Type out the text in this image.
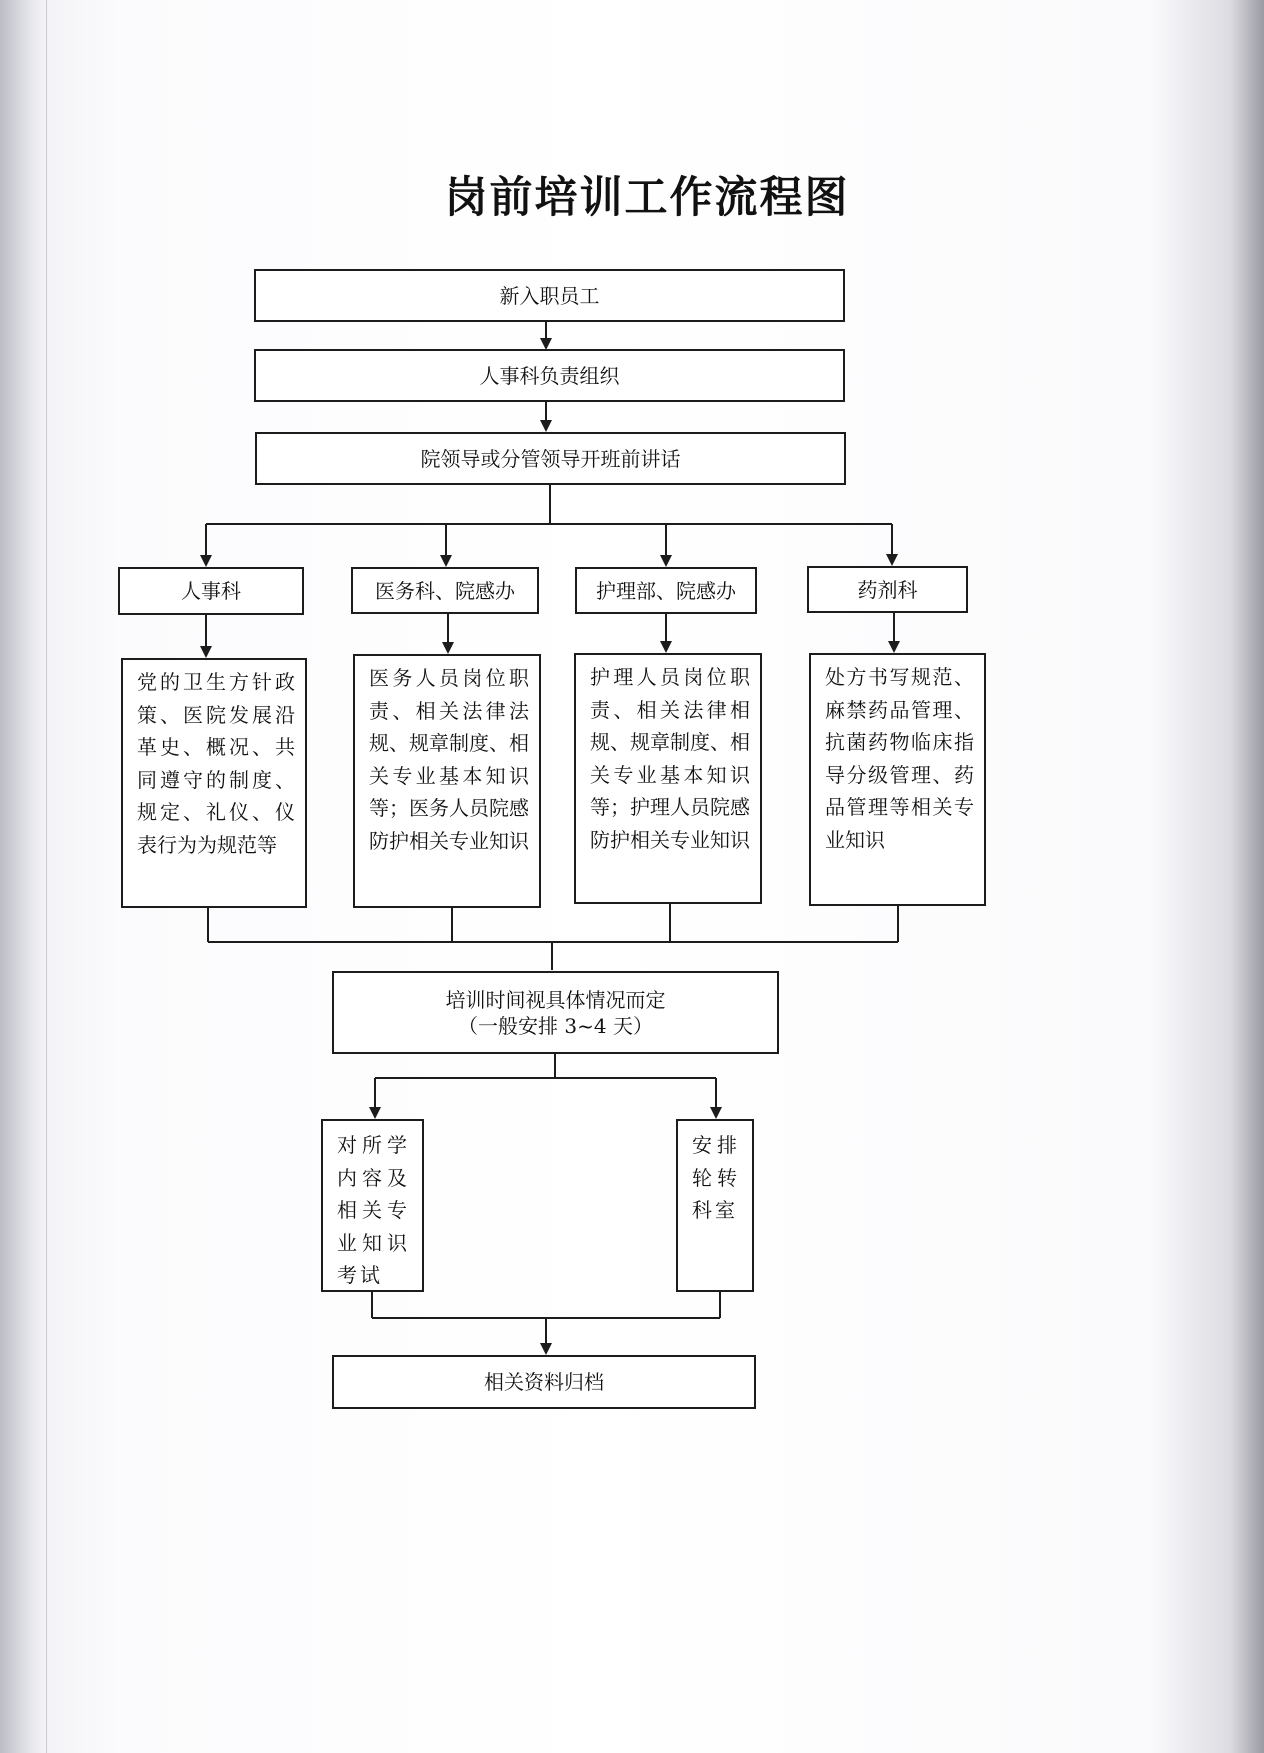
岗前培训工作流程图
新入职员工
人事科负责组织
院领导或分管领导开班前讲话
人事科	医务科、院感办	护理部、院感办	药剂科
党的卫生方针政策、医院发展沿革史、概况、共同遵守的制度、规定、礼仪、仪表行为为规范等
医务人员岗位职责、相关法律法规、规章制度、相关专业基本知识等；医务人员院感防护相关专业知识
护理人员岗位职责、相关法律相规、规章制度、相关专业基本知识等；护理人员院感防护相关专业知识
处方书写规范、麻禁药品管理、抗菌药物临床指导分级管理、药品管理等相关专业知识
培训时间视具体情况而定
（一般安排 3~4 天）
对所学内容及相关专业知识考试
安排轮转科室
相关资料归档
